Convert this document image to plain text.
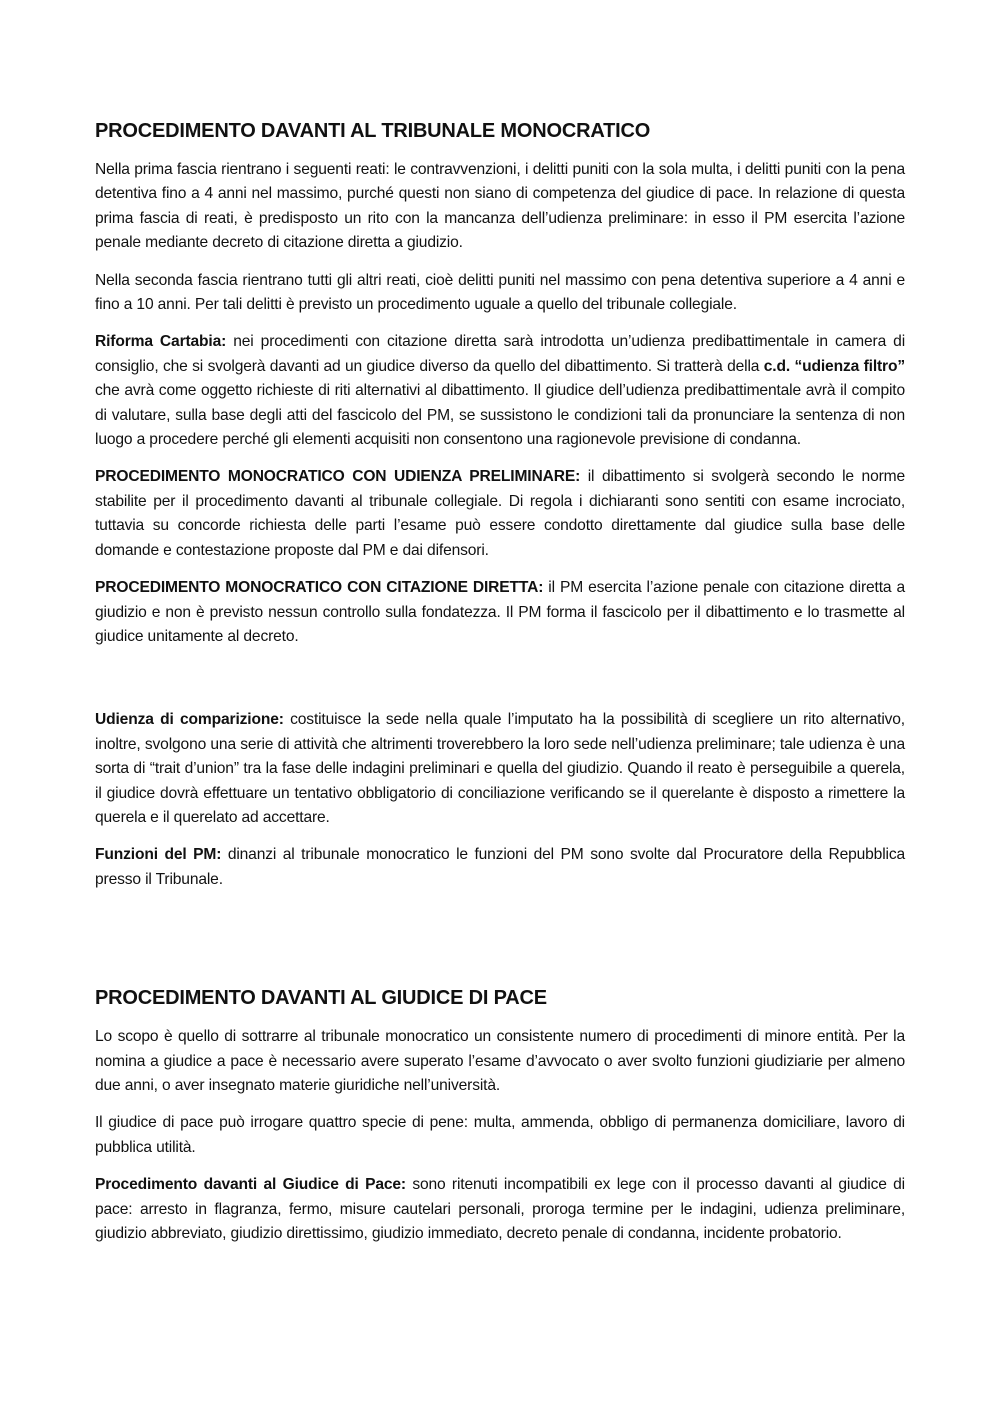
PROCEDIMENTO DAVANTI AL TRIBUNALE MONOCRATICO

Nella prima fascia rientrano i seguenti reati: le contravvenzioni, i delitti puniti con la sola multa, i delitti puniti con la pena detentiva fino a 4 anni nel massimo, purché questi non siano di competenza del giudice di pace. In relazione di questa prima fascia di reati, è predisposto un rito con la mancanza dell’udienza preliminare: in esso il PM esercita l’azione penale mediante decreto di citazione diretta a giudizio.

Nella seconda fascia rientrano tutti gli altri reati, cioè delitti puniti nel massimo con pena detentiva superiore a 4 anni e fino a 10 anni. Per tali delitti è previsto un procedimento uguale a quello del tribunale collegiale.

Riforma Cartabia: nei procedimenti con citazione diretta sarà introdotta un’udienza predibattimentale in camera di consiglio, che si svolgerà davanti ad un giudice diverso da quello del dibattimento. Si tratterà della c.d. “udienza filtro” che avrà come oggetto richieste di riti alternativi al dibattimento. Il giudice dell’udienza predibattimentale avrà il compito di valutare, sulla base degli atti del fascicolo del PM, se sussistono le condizioni tali da pronunciare la sentenza di non luogo a procedere perché gli elementi acquisiti non consentono una ragionevole previsione di condanna.

PROCEDIMENTO MONOCRATICO CON UDIENZA PRELIMINARE: il dibattimento si svolgerà secondo le norme stabilite per il procedimento davanti al tribunale collegiale. Di regola i dichiaranti sono sentiti con esame incrociato, tuttavia su concorde richiesta delle parti l’esame può essere condotto direttamente dal giudice sulla base delle domande e contestazione proposte dal PM e dai difensori.

PROCEDIMENTO MONOCRATICO CON CITAZIONE DIRETTA: il PM esercita l’azione penale con citazione diretta a giudizio e non è previsto nessun controllo sulla fondatezza. Il PM forma il fascicolo per il dibattimento e lo trasmette al giudice unitamente al decreto.

Udienza di comparizione: costituisce la sede nella quale l’imputato ha la possibilità di scegliere un rito alternativo, inoltre, svolgono una serie di attività che altrimenti troverebbero la loro sede nell’udienza preliminare; tale udienza è una sorta di “trait d’union” tra la fase delle indagini preliminari e quella del giudizio. Quando il reato è perseguibile a querela, il giudice dovrà effettuare un tentativo obbligatorio di conciliazione verificando se il querelante è disposto a rimettere la querela e il querelato ad accettare.

Funzioni del PM: dinanzi al tribunale monocratico le funzioni del PM sono svolte dal Procuratore della Repubblica presso il Tribunale.

PROCEDIMENTO DAVANTI AL GIUDICE DI PACE

Lo scopo è quello di sottrarre al tribunale monocratico un consistente numero di procedimenti di minore entità. Per la nomina a giudice a pace è necessario avere superato l’esame d’avvocato o aver svolto funzioni giudiziarie per almeno due anni, o aver insegnato materie giuridiche nell’università.

Il giudice di pace può irrogare quattro specie di pene: multa, ammenda, obbligo di permanenza domiciliare, lavoro di pubblica utilità.

Procedimento davanti al Giudice di Pace: sono ritenuti incompatibili ex lege con il processo davanti al giudice di pace: arresto in flagranza, fermo, misure cautelari personali, proroga termine per le indagini, udienza preliminare, giudizio abbreviato, giudizio direttissimo, giudizio immediato, decreto penale di condanna, incidente probatorio.
